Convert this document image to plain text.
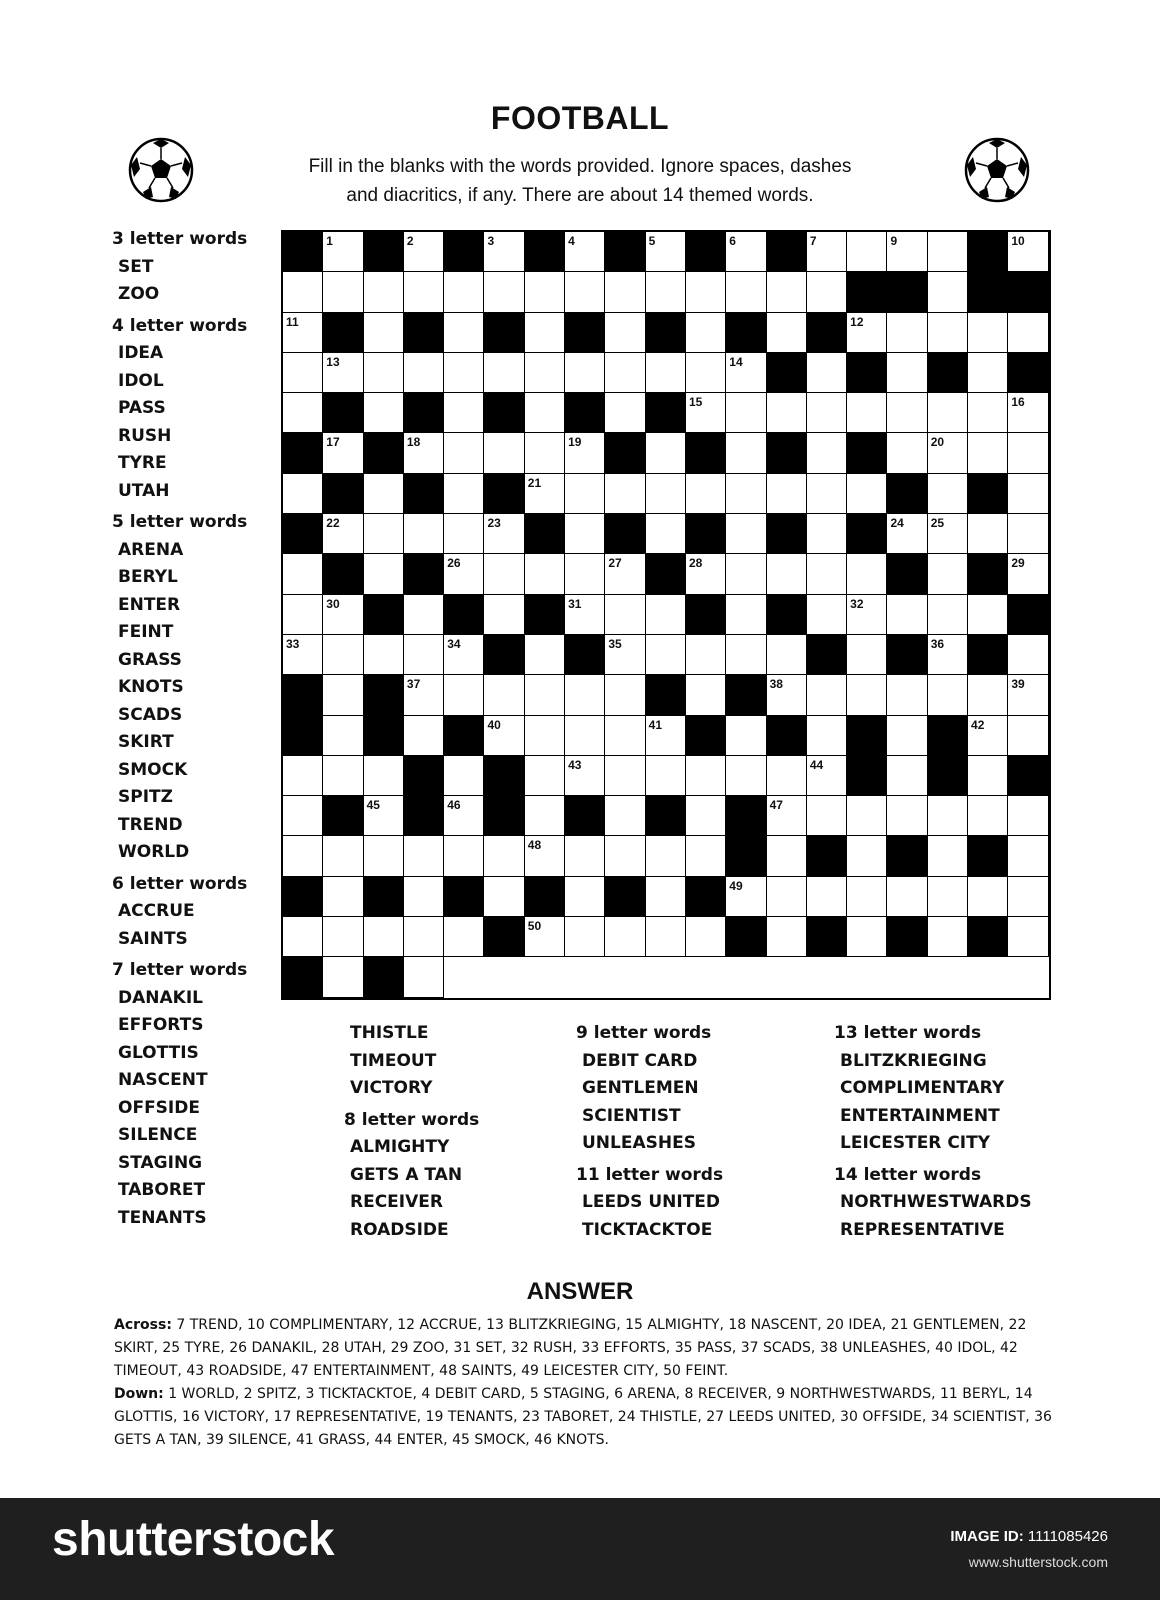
FOOTBALL
Fill in the blanks with the words provided. Ignore spaces, dashes
and diacritics, if any. There are about 14 themed words.
3 letter words
SET
ZOO
4 letter words
IDEA
IDOL
PASS
RUSH
TYRE
UTAH
5 letter words
ARENA
BERYL
ENTER
FEINT
GRASS
KNOTS
SCADS
SKIRT
SMOCK
SPITZ
TREND
WORLD
6 letter words
ACCRUE
SAINTS
7 letter words
DANAKIL
EFFORTS
GLOTTIS
NASCENT
OFFSIDE
SILENCE
STAGING
TABORET
TENANTS
THISTLE
TIMEOUT
VICTORY
8 letter words
ALMIGHTY
GETS A TAN
RECEIVER
ROADSIDE
9 letter words
DEBIT CARD
GENTLEMEN
SCIENTIST
UNLEASHES
11 letter words
LEEDS UNITED
TICKTACKTOE
13 letter words
BLITZKRIEGING
COMPLIMENTARY
ENTERTAINMENT
LEICESTER CITY
14 letter words
NORTHWESTWARDS
REPRESENTATIVE
1	2	3	4	5	6	7	9	10
11	12
13	14
15	16
17	18	19	20
21
22	23	24 25
26	27	28	29
30	31	32
33	34	35	36
37	38	39
40	41	42
43	44
45	46	47
48
49
50
ANSWER
Across: 7 TREND, 10 COMPLIMENTARY, 12 ACCRUE, 13 BLITZKRIEGING, 15 ALMIGHTY, 18 NASCENT, 20 IDEA, 21 GENTLEMEN, 22 SKIRT, 25 TYRE, 26 DANAKIL, 28 UTAH, 29 ZOO, 31 SET, 32 RUSH, 33 EFFORTS, 35 PASS, 37 SCADS, 38 UNLEASHES, 40 IDOL, 42 TIMEOUT, 43 ROADSIDE, 47 ENTERTAINMENT, 48 SAINTS, 49 LEICESTER CITY, 50 FEINT.
Down: 1 WORLD, 2 SPITZ, 3 TICKTACKTOE, 4 DEBIT CARD, 5 STAGING, 6 ARENA, 8 RECEIVER, 9 NORTHWESTWARDS, 11 BERYL, 14 GLOTTIS, 16 VICTORY, 17 REPRESENTATIVE, 19 TENANTS, 23 TABORET, 24 THISTLE, 27 LEEDS UNITED, 30 OFFSIDE, 34 SCIENTIST, 36 GETS A TAN, 39 SILENCE, 41 GRASS, 44 ENTER, 45 SMOCK, 46 KNOTS.
shutterstock	IMAGE ID: 1111085426
www.shutterstock.com
